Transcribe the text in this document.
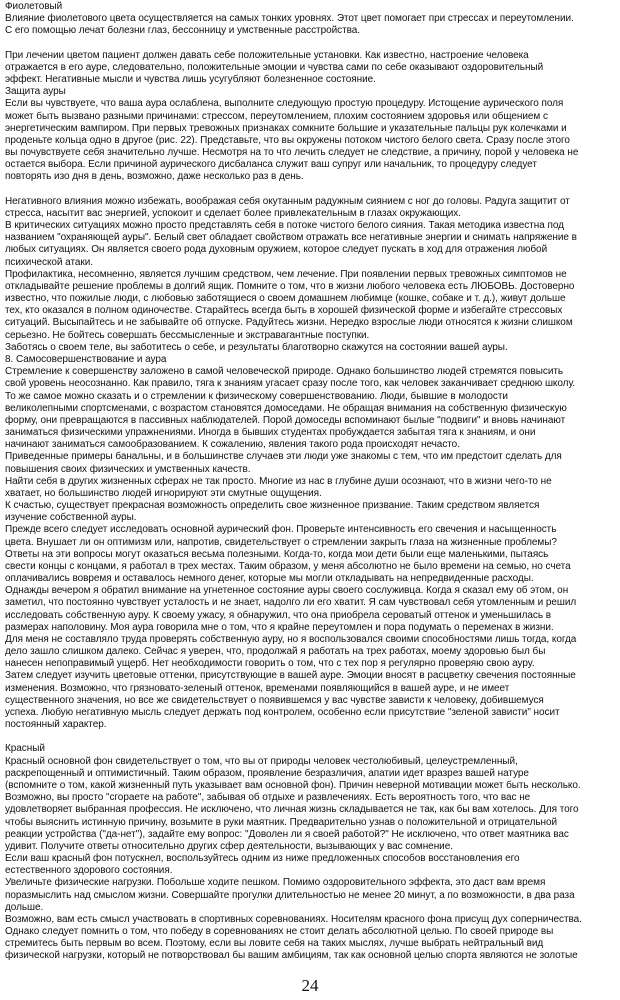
Фиолетовый
Влияние фиолетового цвета осуществляется на самых тонких уровнях. Этот цвет помогает при стрессах и переутомлении.
С его помощью лечат болезни глаз, бессонницу и умственные расстройства.

При лечении цветом пациент должен давать себе положительные установки. Как известно, настроение человека
отражается в его ауре, следовательно, положительные эмоции и чувства сами по себе оказывают оздоровительный
эффект. Негативные мысли и чувства лишь усугубляют болезненное состояние.
Защита ауры
Если вы чувствуете, что ваша аура ослаблена, выполните следующую простую процедуру. Истощение аурического поля
может быть вызвано разными причинами: стрессом, переутомлением, плохим состоянием здоровья или общением с
энергетическим вампиром. При первых тревожных признаках сомкните большие и указательные пальцы рук колечками и
проденьте кольца одно в другое (рис. 22). Представьте, что вы окружены потоком чистого белого света. Сразу после этого
вы почувствуете себя значительно лучше. Несмотря на то что лечить следует не следствие, а причину, порой у человека не
остается выбора. Если причиной аурического дисбаланса служит ваш супруг или начальник, то процедуру следует
повторять изо дня в день, возможно, даже несколько раз в день.

Негативного влияния можно избежать, воображая себя окутанным радужным сиянием с ног до головы. Радуга защитит от
стресса, насытит вас энергией, успокоит и сделает более привлекательным в глазах окружающих.
В критических ситуациях можно просто представлять себя в потоке чистого белого сияния. Такая методика известна под
названием "охраняющей ауры". Белый свет обладает свойством отражать все негативные энергии и снимать напряжение в
любых ситуациях. Он является своего рода духовным оружием, которое следует пускать в ход для отражения любой
психической атаки.
Профилактика, несомненно, является лучшим средством, чем лечение. При появлении первых тревожных симптомов не
откладывайте решение проблемы в долгий ящик. Помните о том, что в жизни любого человека есть ЛЮБОВЬ. Достоверно
известно, что пожилые люди, с любовью заботящиеся о своем домашнем любимце (кошке, собаке и т. д.), живут дольше
тех, кто оказался в полном одиночестве. Старайтесь всегда быть в хорошей физической форме и избегайте стрессовых
ситуаций. Высыпайтесь и не забывайте об отпуске. Радуйтесь жизни. Нередко взрослые люди относятся к жизни слишком
серьезно. Не бойтесь совершать бессмысленные и экстравагантные поступки.
Заботясь о своем теле, вы заботитесь о себе, и результаты благотворно скажутся на состоянии вашей ауры.
8. Самосовершенствование и аура
Стремление к совершенству заложено в самой человеческой природе. Однако большинство людей стремятся повысить
свой уровень неосознанно. Как правило, тяга к знаниям угасает сразу после того, как человек заканчивает среднюю школу.
То же самое можно сказать и о стремлении к физическому совершенствованию. Люди, бывшие в молодости
великолепными спортсменами, с возрастом становятся домоседами. Не обращая внимания на собственную физическую
форму, они превращаются в пассивных наблюдателей. Порой домоседы вспоминают былые "подвиги" и вновь начинают
заниматься физическими упражнениями. Иногда в бывших студентах пробуждается забытая тяга к знаниям, и они
начинают заниматься самообразованием. К сожалению, явления такого рода происходят нечасто.
Приведенные примеры банальны, и в большинстве случаев эти люди уже знакомы с тем, что им предстоит сделать для
повышения своих физических и умственных качеств.
Найти себя в других жизненных сферах не так просто. Многие из нас в глубине души осознают, что в жизни чего-то не
хватает, но большинство людей игнорируют эти смутные ощущения.
К счастью, существует прекрасная возможность определить свое жизненное призвание. Таким средством является
изучение собственной ауры.
Прежде всего следует исследовать основной аурический фон. Проверьте интенсивность его свечения и насыщенность
цвета. Внушает ли он оптимизм или, напротив, свидетельствует о стремлении закрыть глаза на жизненные проблемы?
Ответы на эти вопросы могут оказаться весьма полезными. Когда-то, когда мои дети были еще маленькими, пытаясь
свести концы с концами, я работал в трех местах. Таким образом, у меня абсолютно не было времени на семью, но счета
оплачивались вовремя и оставалось немного денег, которые мы могли откладывать на непредвиденные расходы.
Однажды вечером я обратил внимание на угнетенное состояние ауры своего сослуживца. Когда я сказал ему об этом, он
заметил, что постоянно чувствует усталость и не знает, надолго ли его хватит. Я сам чувствовал себя утомленным и решил
исследовать собственную ауру. К своему ужасу, я обнаружил, что она приобрела сероватый оттенок и уменьшилась в
размерах наполовину. Моя аура говорила мне о том, что я крайне переутомлен и пора подумать о переменах в жизни.
Для меня не составляло труда проверять собственную ауру, но я воспользовался своими способностями лишь тогда, когда
дело зашло слишком далеко. Сейчас я уверен, что, продолжай я работать на трех работах, моему здоровью был бы
нанесен непоправимый ущерб. Нет необходимости говорить о том, что с тех пор я регулярно проверяю свою ауру.
Затем следует изучить цветовые оттенки, присутствующие в вашей ауре. Эмоции вносят в расцветку свечения постоянные
изменения. Возможно, что грязновато-зеленый оттенок, временами появляющийся в вашей ауре, и не имеет
существенного значения, но все же свидетельствует о появившемся у вас чувстве зависти к человеку, добившемуся
успеха. Любую негативную мысль следует держать под контролем, особенно если присутствие "зеленой зависти" носит
постоянный характер.

Красный
Красный основной фон свидетельствует о том, что вы от природы человек честолюбивый, целеустремленный,
раскрепощенный и оптимистичный. Таким образом, проявление безразличия, апатии идет вразрез вашей натуре
(вспомните о том, какой жизненный путь указывает вам основной фон). Причин неверной мотивации может быть несколько.
Возможно, вы просто "сгораете на работе", забывая об отдыхе и развлечениях. Есть вероятность того, что вас не
удовлетворяет выбранная профессия. Не исключено, что личная жизнь складывается не так, как бы вам хотелось. Для того
чтобы выяснить истинную причину, возьмите в руки маятник. Предварительно узнав о положительной и отрицательной
реакции устройства ("да-нет"), задайте ему вопрос: "Доволен ли я своей работой?" Не исключено, что ответ маятника вас
удивит. Получите ответы относительно других сфер деятельности, вызывающих у вас сомнение.
Если ваш красный фон потускнел, воспользуйтесь одним из ниже предложенных способов восстановления его
естественного здорового состояния.
Увеличьте физические нагрузки. Побольше ходите пешком. Помимо оздоровительного эффекта, это даст вам время
поразмыслить над смыслом жизни. Совершайте прогулки длительностью не менее 20 минут, а по возможности, в два раза
дольше.
Возможно, вам есть смысл участвовать в спортивных соревнованиях. Носителям красного фона присущ дух соперничества.
Однако следует помнить о том, что победу в соревнованиях не стоит делать абсолютной целью. По своей природе вы
стремитесь быть первым во всем. Поэтому, если вы ловите себя на таких мыслях, лучше выбрать нейтральный вид
физической нагрузки, который не потворствовал бы вашим амбициям, так как основной целью спорта являются не золотые
24
